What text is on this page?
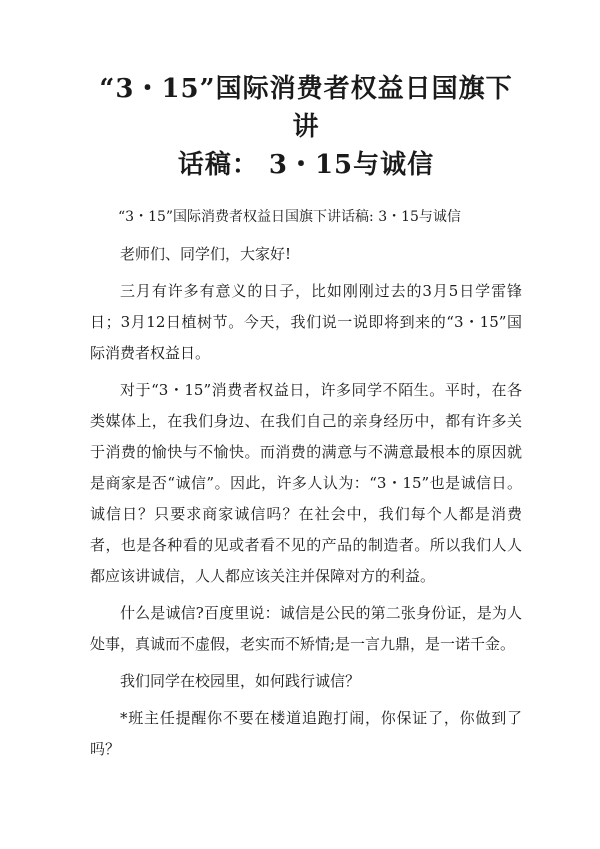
“3・15”国际消费者权益日国旗下讲
话稿： 3・15与诚信

“3・15”国际消费者权益日国旗下讲话稿: 3・15与诚信

老师们、同学们，大家好!

三月有许多有意义的日子，比如刚刚过去的3月5日学雷锋日；3月12日植树节。今天，我们说一说即将到来的“3・15”国际消费者权益日。

对于“3・15”消费者权益日，许多同学不陌生。平时，在各类媒体上，在我们身边、在我们自己的亲身经历中，都有许多关于消费的愉快与不愉快。而消费的满意与不满意最根本的原因就是商家是否“诚信”。因此，许多人认为：“3・15”也是诚信日。诚信日？只要求商家诚信吗？在社会中，我们每个人都是消费者，也是各种看的见或者看不见的产品的制造者。所以我们人人都应该讲诚信，人人都应该关注并保障对方的利益。

什么是诚信?百度里说：诚信是公民的第二张身份证，是为人处事，真诚而不虚假，老实而不矫情;是一言九鼎，是一诺千金。

我们同学在校园里，如何践行诚信？

*班主任提醒你不要在楼道追跑打闹，你保证了，你做到了吗？
